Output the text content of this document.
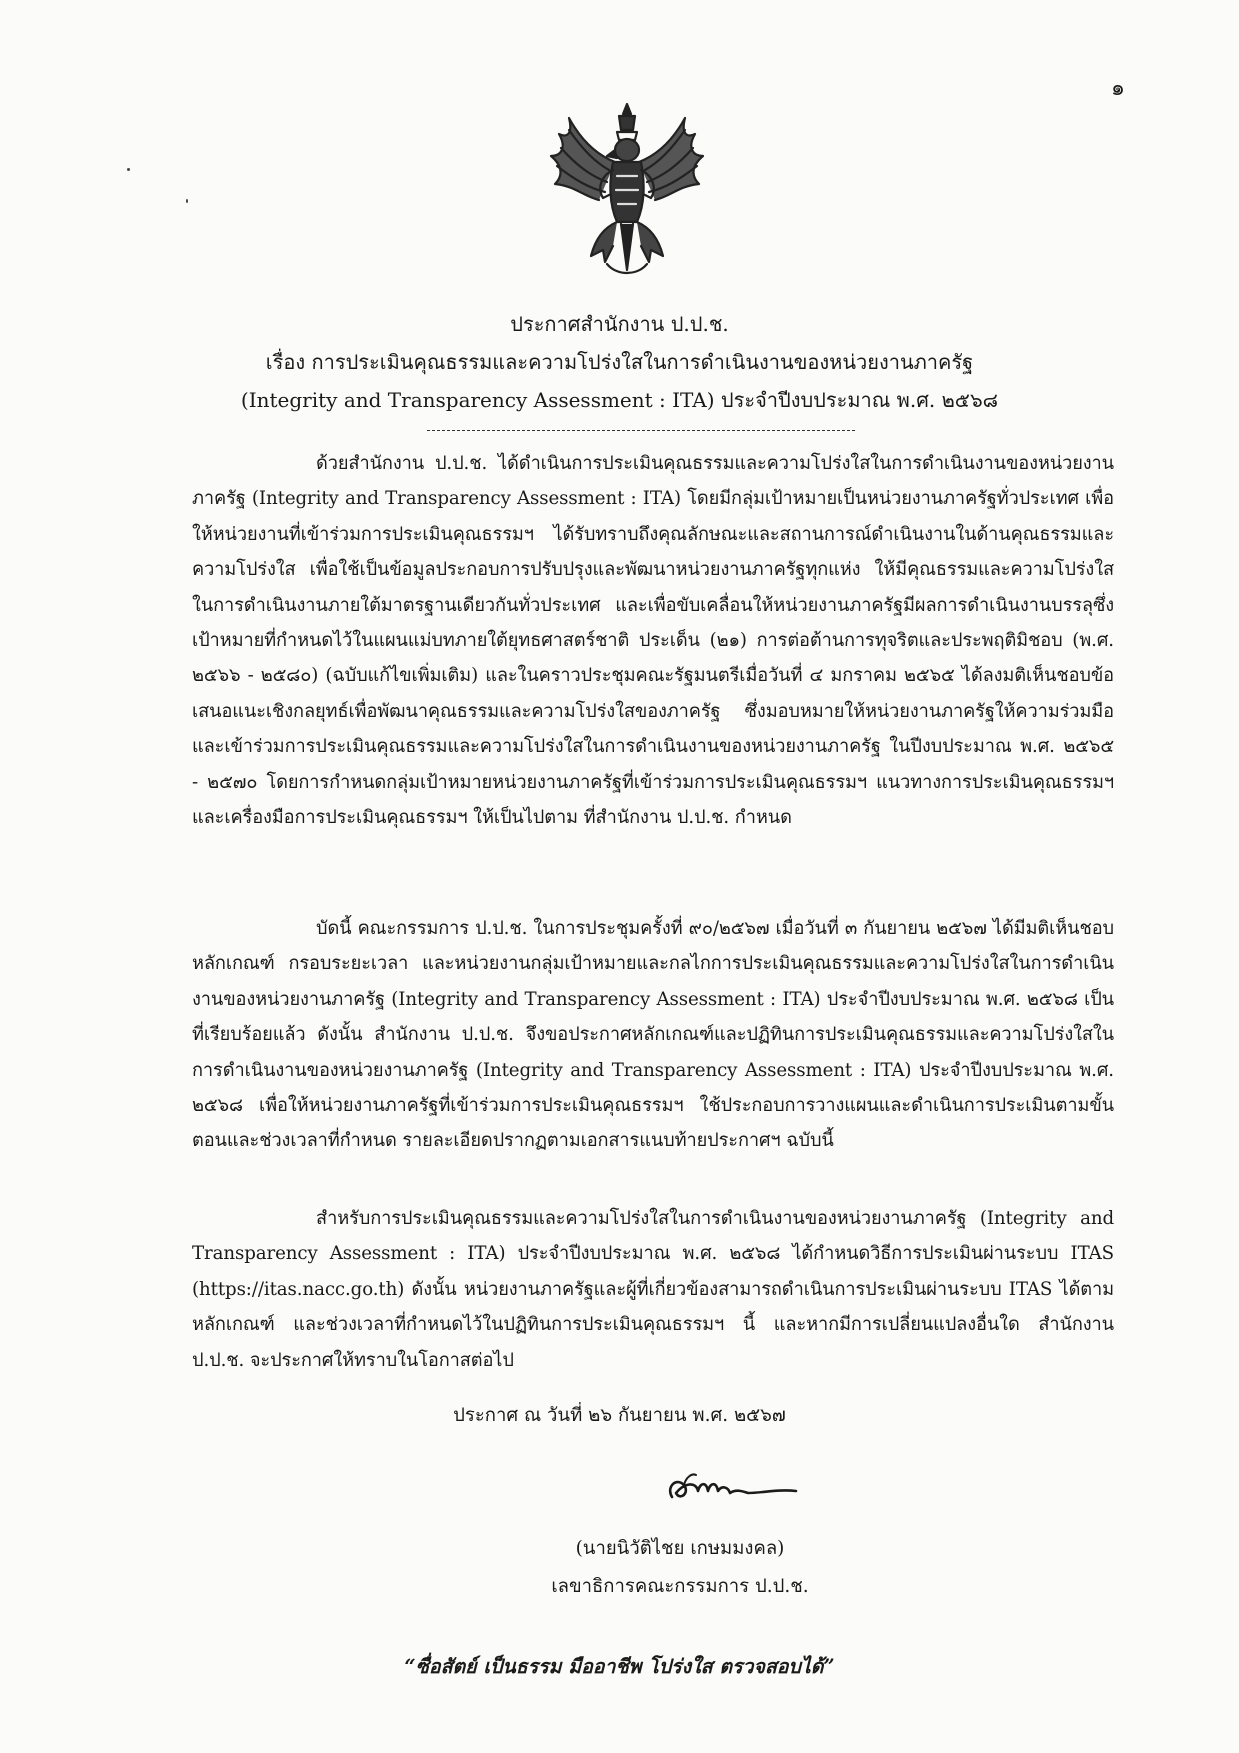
๑
ประกาศสำนักงาน ป.ป.ช.
เรื่อง การประเมินคุณธรรมและความโปร่งใสในการดำเนินงานของหน่วยงานภาครัฐ
(Integrity and Transparency Assessment : ITA) ประจำปีงบประมาณ พ.ศ. ๒๕๖๘

ด้วยสำนักงาน ป.ป.ช. ได้ดำเนินการประเมินคุณธรรมและความโปร่งใสในการดำเนินงานของหน่วยงานภาครัฐ (Integrity and Transparency Assessment : ITA) โดยมีกลุ่มเป้าหมายเป็นหน่วยงานภาครัฐทั่วประเทศ เพื่อให้หน่วยงานที่เข้าร่วมการประเมินคุณธรรมฯ ได้รับทราบถึงคุณลักษณะและสถานการณ์ดำเนินงานในด้านคุณธรรมและความโปร่งใส เพื่อใช้เป็นข้อมูลประกอบการปรับปรุงและพัฒนาหน่วยงานภาครัฐทุกแห่ง ให้มีคุณธรรมและความโปร่งใสในการดำเนินงานภายใต้มาตรฐานเดียวกันทั่วประเทศ และเพื่อขับเคลื่อนให้หน่วยงานภาครัฐมีผลการดำเนินงานบรรลุซึ่งเป้าหมายที่กำหนดไว้ในแผนแม่บทภายใต้ยุทธศาสตร์ชาติ ประเด็น (๒๑) การต่อต้านการทุจริตและประพฤติมิชอบ (พ.ศ. ๒๕๖๖ - ๒๕๘๐) (ฉบับแก้ไขเพิ่มเติม) และในคราวประชุมคณะรัฐมนตรีเมื่อวันที่ ๔ มกราคม ๒๕๖๕ ได้ลงมติเห็นชอบข้อเสนอแนะเชิงกลยุทธ์เพื่อพัฒนาคุณธรรมและความโปร่งใสของภาครัฐ ซึ่งมอบหมายให้หน่วยงานภาครัฐให้ความร่วมมือและเข้าร่วมการประเมินคุณธรรมและความโปร่งใสในการดำเนินงานของหน่วยงานภาครัฐ ในปีงบประมาณ พ.ศ. ๒๕๖๕ - ๒๕๗๐ โดยการกำหนดกลุ่มเป้าหมายหน่วยงานภาครัฐที่เข้าร่วมการประเมินคุณธรรมฯ แนวทางการประเมินคุณธรรมฯ และเครื่องมือการประเมินคุณธรรมฯ ให้เป็นไปตาม ที่สำนักงาน ป.ป.ช. กำหนด

บัดนี้ คณะกรรมการ ป.ป.ช. ในการประชุมครั้งที่ ๙๐/๒๕๖๗ เมื่อวันที่ ๓ กันยายน ๒๕๖๗ ได้มีมติเห็นชอบหลักเกณฑ์ กรอบระยะเวลา และหน่วยงานกลุ่มเป้าหมายและกลไกการประเมินคุณธรรมและความโปร่งใสในการดำเนินงานของหน่วยงานภาครัฐ (Integrity and Transparency Assessment : ITA) ประจำปีงบประมาณ พ.ศ. ๒๕๖๘ เป็นที่เรียบร้อยแล้ว ดังนั้น สำนักงาน ป.ป.ช. จึงขอประกาศหลักเกณฑ์และปฏิทินการประเมินคุณธรรมและความโปร่งใสในการดำเนินงานของหน่วยงานภาครัฐ (Integrity and Transparency Assessment : ITA) ประจำปีงบประมาณ พ.ศ. ๒๕๖๘ เพื่อให้หน่วยงานภาครัฐที่เข้าร่วมการประเมินคุณธรรมฯ ใช้ประกอบการวางแผนและดำเนินการประเมินตามขั้นตอนและช่วงเวลาที่กำหนด รายละเอียดปรากฏตามเอกสารแนบท้ายประกาศฯ ฉบับนี้

สำหรับการประเมินคุณธรรมและความโปร่งใสในการดำเนินงานของหน่วยงานภาครัฐ (Integrity and Transparency Assessment : ITA) ประจำปีงบประมาณ พ.ศ. ๒๕๖๘ ได้กำหนดวิธีการประเมินผ่านระบบ ITAS (https://itas.nacc.go.th) ดังนั้น หน่วยงานภาครัฐและผู้ที่เกี่ยวข้องสามารถดำเนินการประเมินผ่านระบบ ITAS ได้ตามหลักเกณฑ์ และช่วงเวลาที่กำหนดไว้ในปฏิทินการประเมินคุณธรรมฯ นี้ และหากมีการเปลี่ยนแปลงอื่นใด สำนักงาน ป.ป.ช. จะประกาศให้ทราบในโอกาสต่อไป

ประกาศ ณ วันที่ ๒๖ กันยายน พ.ศ. ๒๕๖๗
(นายนิวัติไชย เกษมมงคล)
เลขาธิการคณะกรรมการ ป.ป.ช.
“ซื่อสัตย์ เป็นธรรม มืออาชีพ โปร่งใส ตรวจสอบได้”
